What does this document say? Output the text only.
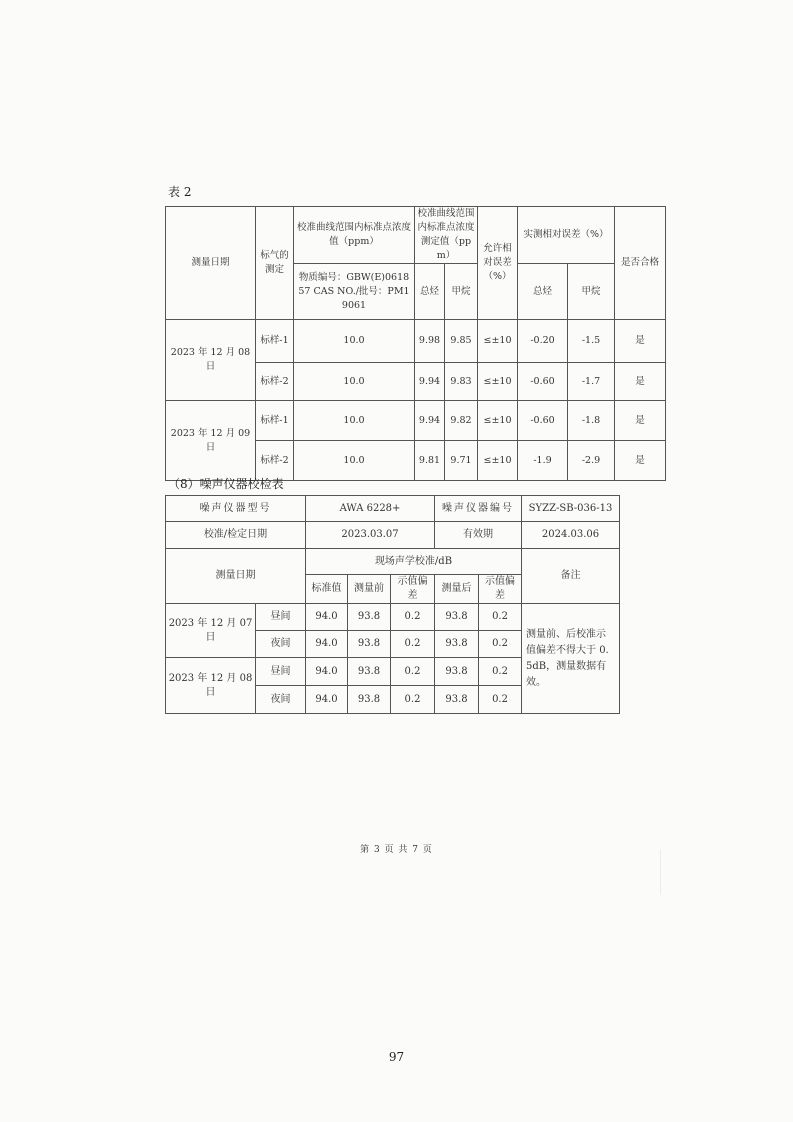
表 2
测量日期	标气的测定	校准曲线范围内标准点浓度值（ppm）	校准曲线范围内标准点浓度测定值（ppm）		允许相对误差（%）	实测相对误差（%）		是否合格
		物质编号：GBW(E)061857 CAS NO./批号：PM19061	总烃	甲烷		总烃	甲烷	
2023 年 12 月 08 日	标样-1	10.0	9.98	9.85	≤±10	-0.20	-1.5	是
	标样-2	10.0	9.94	9.83	≤±10	-0.60	-1.7	是
2023 年 12 月 09 日	标样-1	10.0	9.94	9.82	≤±10	-0.60	-1.8	是
	标样-2	10.0	9.81	9.71	≤±10	-1.9	-2.9	是
（8）噪声仪器校检表
噪声仪器型号		AWA 6228+			噪声仪器编号		SYZZ-SB-036-13
校准/检定日期		2023.03.07			有效期		2024.03.06
测量日期		现场声学校准/dB					备注
		标准值	测量前	示值偏差	测量后	示值偏差	
2023 年 12 月 07 日	昼间	94.0	93.8	0.2	93.8	0.2	测量前、后校准示值偏差不得大于 0.5dB，测量数据有效。
	夜间	94.0	93.8	0.2	93.8	0.2	
2023 年 12 月 08 日	昼间	94.0	93.8	0.2	93.8	0.2	
	夜间	94.0	93.8	0.2	93.8	0.2	
第 3 页 共 7 页
97
